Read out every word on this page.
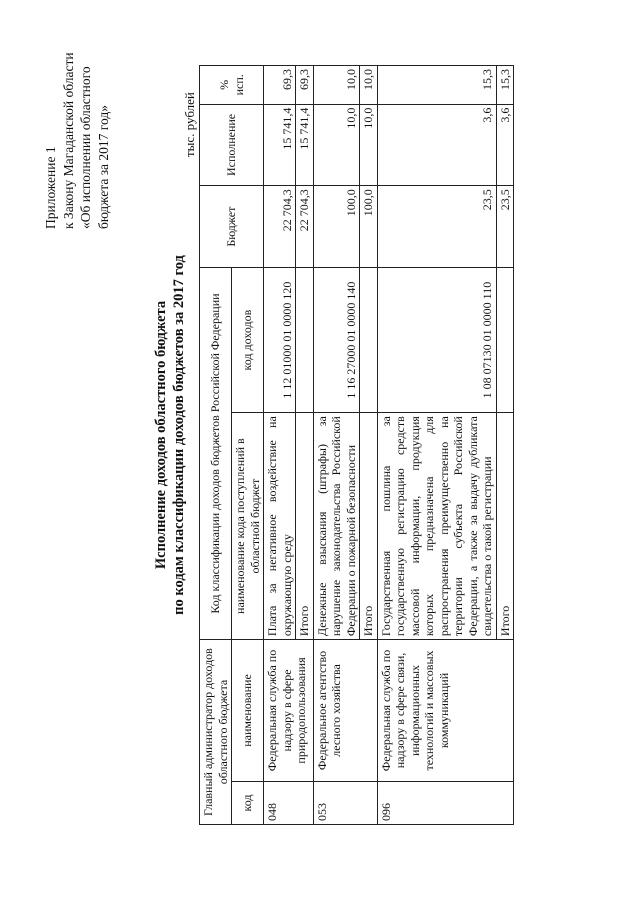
Приложение 1 к Закону Магаданской области «Об исполнении областного бюджета за 2017 год»
Исполнение доходов областного бюджета по кодам классификации доходов бюджетов за 2017 год
тыс. рублей
Главный администратор доходов областного бюджета		Код классификации доходов бюджетов Российской Федерации		Бюджет	Исполнение	% исп.
код	наименование	наименование кода поступлений в областной бюджет	код доходов			
048	Федеральная служба по надзору в сфере природопользования	Плата за негативное воздействие на окружающую среду	1 12 01000 01 0000 120	22 704,3	15 741,4	69,3
		Итого		22 704,3	15 741,4	69,3
053	Федеральное агентство лесного хозяйства	Денежные взыскания (штрафы) за нарушение законодательства Российской Федерации о пожарной безопасности	1 16 27000 01 0000 140	100,0	10,0	10,0
		Итого		100,0	10,0	10,0
096	Федеральная служба по надзору в сфере связи, информационных технологий и массовых коммуникаций	Государственная пошлина за государственную регистрацию средств массовой информации, продукция которых предназначена для распространения преимущественно на территории субъекта Российской Федерации, а также за выдачу дубликата свидетельства о такой регистрации	1 08 07130 01 0000 110	23,5	3,6	15,3
		Итого		23,5	3,6	15,3
